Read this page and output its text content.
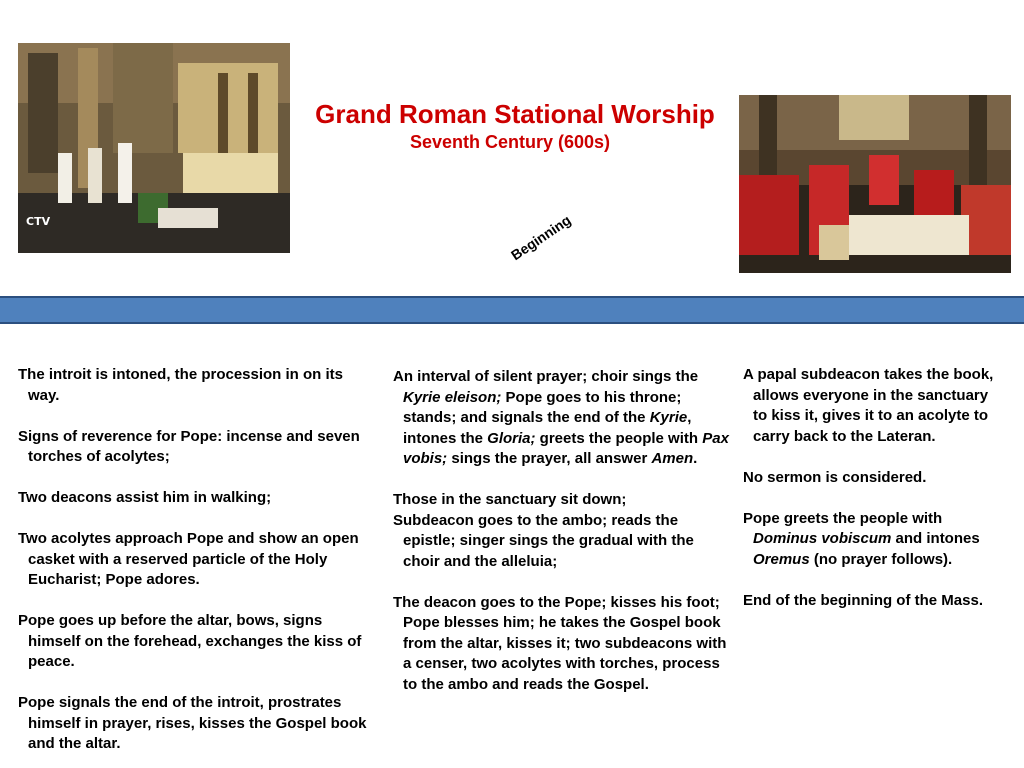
CTV
Grand Roman Stational Worship
Seventh Century (600s)
Beginning

The introit is intoned, the procession in on its way.

Signs of reverence for Pope: incense and seven torches of acolytes;

Two deacons assist him in walking;

Two acolytes approach Pope and show an open casket with a reserved particle of the Holy Eucharist; Pope adores.

Pope goes up before the altar, bows, signs himself on the forehead, exchanges the kiss of peace.

Pope signals the end of the introit, prostrates himself in prayer, rises, kisses the Gospel book and the altar.

An interval of silent prayer; choir sings the Kyrie eleison; Pope goes to his throne; stands; and signals the end of the Kyrie, intones the Gloria; greets the people with Pax vobis; sings the prayer, all answer Amen.

Those in the sanctuary sit down;

Subdeacon goes to the ambo; reads the epistle; singer sings the gradual with the choir and the alleluia;

The deacon goes to the Pope; kisses his foot; Pope blesses him; he takes the Gospel book from the altar, kisses it; two subdeacons with a censer, two acolytes with torches, process to the ambo and reads the Gospel.

A papal subdeacon takes the book, allows everyone in the sanctuary to kiss it, gives it to an acolyte to carry back to the Lateran.

No sermon is considered.

Pope greets the people with Dominus vobiscum and intones Oremus (no prayer follows).

End of the beginning of the Mass.
